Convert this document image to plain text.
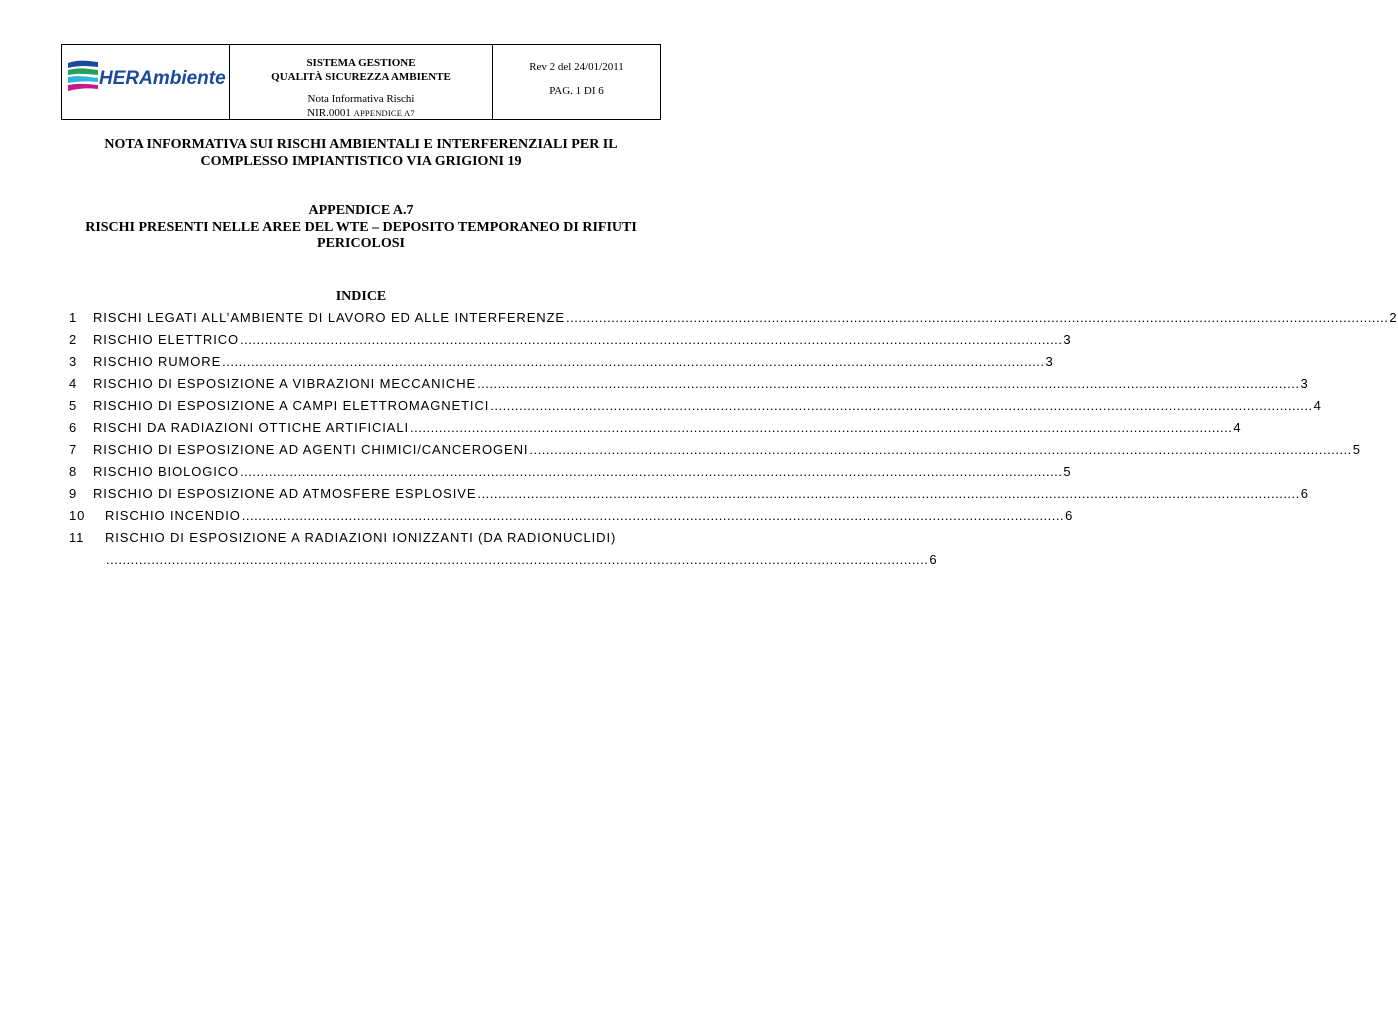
HERAmbiente
SISTEMA GESTIONE
QUALITÀ SICUREZZA AMBIENTE
Nota Informativa Rischi
NIR.0001 APPENDICE A7
Rev 2 del 24/01/2011
PAG. 1 DI 6
NOTA INFORMATIVA SUI RISCHI AMBIENTALI E INTERFERENZIALI PER IL
COMPLESSO IMPIANTISTICO VIA GRIGIONI 19
APPENDICE A.7
RISCHI PRESENTI NELLE AREE DEL WTE – DEPOSITO TEMPORANEO DI RIFIUTI
PERICOLOSI
INDICE
1	RISCHI LEGATI ALL’AMBIENTE DI LAVORO ED ALLE INTERFERENZE ........................................................................................................................................................................................................ 2
2	RISCHIO ELETTRICO ........................................................................................................................................................................................................ 3
3	RISCHIO RUMORE ........................................................................................................................................................................................................ 3
4	RISCHIO DI ESPOSIZIONE A VIBRAZIONI MECCANICHE ........................................................................................................................................................................................................ 3
5	RISCHIO DI ESPOSIZIONE A CAMPI ELETTROMAGNETICI ........................................................................................................................................................................................................ 4
6	RISCHI DA RADIAZIONI OTTICHE ARTIFICIALI ........................................................................................................................................................................................................ 4
7	RISCHIO DI ESPOSIZIONE AD AGENTI CHIMICI/CANCEROGENI ........................................................................................................................................................................................................ 5
8	RISCHIO BIOLOGICO ........................................................................................................................................................................................................ 5
9	RISCHIO DI ESPOSIZIONE AD ATMOSFERE ESPLOSIVE ........................................................................................................................................................................................................ 6
10	RISCHIO INCENDIO ........................................................................................................................................................................................................ 6
11	RISCHIO DI ESPOSIZIONE A RADIAZIONI IONIZZANTI (DA RADIONUCLIDI)
........................................................................................................................................................................................................ 6
